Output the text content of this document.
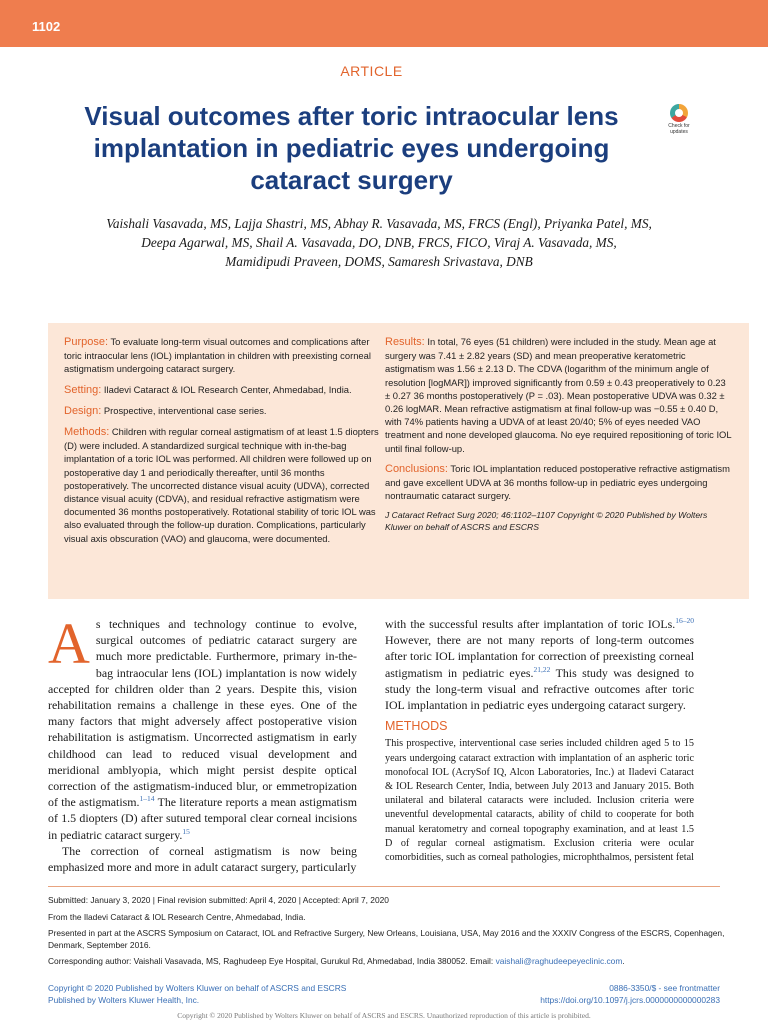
1102
ARTICLE
Visual outcomes after toric intraocular lens
implantation in pediatric eyes undergoing
cataract surgery
Check for
updates
Vaishali Vasavada, MS, Lajja Shastri, MS, Abhay R. Vasavada, MS, FRCS (Engl), Priyanka Patel, MS,
Deepa Agarwal, MS, Shail A. Vasavada, DO, DNB, FRCS, FICO, Viraj A. Vasavada, MS,
Mamidipudi Praveen, DOMS, Samaresh Srivastava, DNB

Purpose: To evaluate long-term visual outcomes and complications after toric intraocular lens (IOL) implantation in children with preexisting corneal astigmatism undergoing cataract surgery.

Setting: Iladevi Cataract & IOL Research Center, Ahmedabad, India.

Design: Prospective, interventional case series.

Methods: Children with regular corneal astigmatism of at least 1.5 diopters (D) were included. A standardized surgical technique with in-the-bag implantation of a toric IOL was performed. All children were followed up on postoperative day 1 and periodically thereafter, until 36 months postoperatively. The uncorrected distance visual acuity (UDVA), corrected distance visual acuity (CDVA), and residual refractive astigmatism were documented 36 months postoperatively. Rotational stability of toric IOL was also evaluated through the follow-up duration. Complications, particularly visual axis obscuration (VAO) and glaucoma, were documented.

Results: In total, 76 eyes (51 children) were included in the study. Mean age at surgery was 7.41 ± 2.82 years (SD) and mean preoperative keratometric astigmatism was 1.56 ± 2.13 D. The CDVA (logarithm of the minimum angle of resolution [logMAR]) improved significantly from 0.59 ± 0.43 preoperatively to 0.23 ± 0.27 36 months postoperatively (P = .03). Mean postoperative UDVA was 0.32 ± 0.26 logMAR. Mean refractive astigmatism at final follow-up was −0.55 ± 0.40 D, with 74% patients having a UDVA of at least 20/40; 5% of eyes needed VAO treatment and none developed glaucoma. No eye required repositioning of toric IOL until final follow-up.

Conclusions: Toric IOL implantation reduced postoperative refractive astigmatism and gave excellent UDVA at 36 months follow-up in pediatric eyes undergoing nontraumatic cataract surgery.

J Cataract Refract Surg 2020; 46:1102–1107 Copyright © 2020 Published by Wolters Kluwer on behalf of ASCRS and ESCRS

As techniques and technology continue to evolve, surgical outcomes of pediatric cataract surgery are much more predictable. Furthermore, primary in-the-bag intraocular lens (IOL) implantation is now widely accepted for children older than 2 years. Despite this, vision rehabilitation remains a challenge in these eyes. One of the many factors that might adversely affect postoperative vision rehabilitation is astigmatism. Uncorrected astigmatism in early childhood can lead to reduced visual development and meridional amblyopia, which might persist despite optical correction of the astigmatism-induced blur, or emmetropization of the astigmatism.$^{1-14}$ The literature reports a mean astigmatism of 1.5 diopters (D) after sutured temporal clear corneal incisions in pediatric cataract surgery.$^{15}$

The correction of corneal astigmatism is now being emphasized more and more in adult cataract surgery, particularly

with the successful results after implantation of toric IOLs.$^{16-20}$ However, there are not many reports of long-term outcomes after toric IOL implantation for correction of preexisting corneal astigmatism in pediatric eyes.$^{21,22}$ This study was designed to study the long-term visual and refractive outcomes after toric IOL implantation in pediatric eyes undergoing cataract surgery.

METHODS

This prospective, interventional case series included children aged 5 to 15 years undergoing cataract extraction with implantation of an aspheric toric monofocal IOL (AcrySof IQ, Alcon Laboratories, Inc.) at Iladevi Cataract & IOL Research Center, India, between July 2013 and January 2015. Both unilateral and bilateral cataracts were included. Inclusion criteria were uneventful developmental cataracts, ability of child to cooperate for both manual keratometry and corneal topography examination, and at least 1.5 D of regular corneal astigmatism. Exclusion criteria were ocular comorbidities, such as corneal pathologies, microphthalmos, persistent fetal

Submitted: January 3, 2020 | Final revision submitted: April 4, 2020 | Accepted: April 7, 2020

From the Iladevi Cataract & IOL Research Centre, Ahmedabad, India.

Presented in part at the ASCRS Symposium on Cataract, IOL and Refractive Surgery, New Orleans, Louisiana, USA, May 2016 and the XXXIV Congress of the ESCRS, Copenhagen, Denmark, September 2016.

Corresponding author: Vaishali Vasavada, MS, Raghudeep Eye Hospital, Gurukul Rd, Ahmedabad, India 380052. Email: vaishali@raghudeepeyeclinic.com.

Copyright © 2020 Published by Wolters Kluwer on behalf of ASCRS and ESCRS
Published by Wolters Kluwer Health, Inc.
0886-3350/$ - see frontmatter
https://doi.org/10.1097/j.jcrs.0000000000000283
Copyright © 2020 Published by Wolters Kluwer on behalf of ASCRS and ESCRS. Unauthorized reproduction of this article is prohibited.
